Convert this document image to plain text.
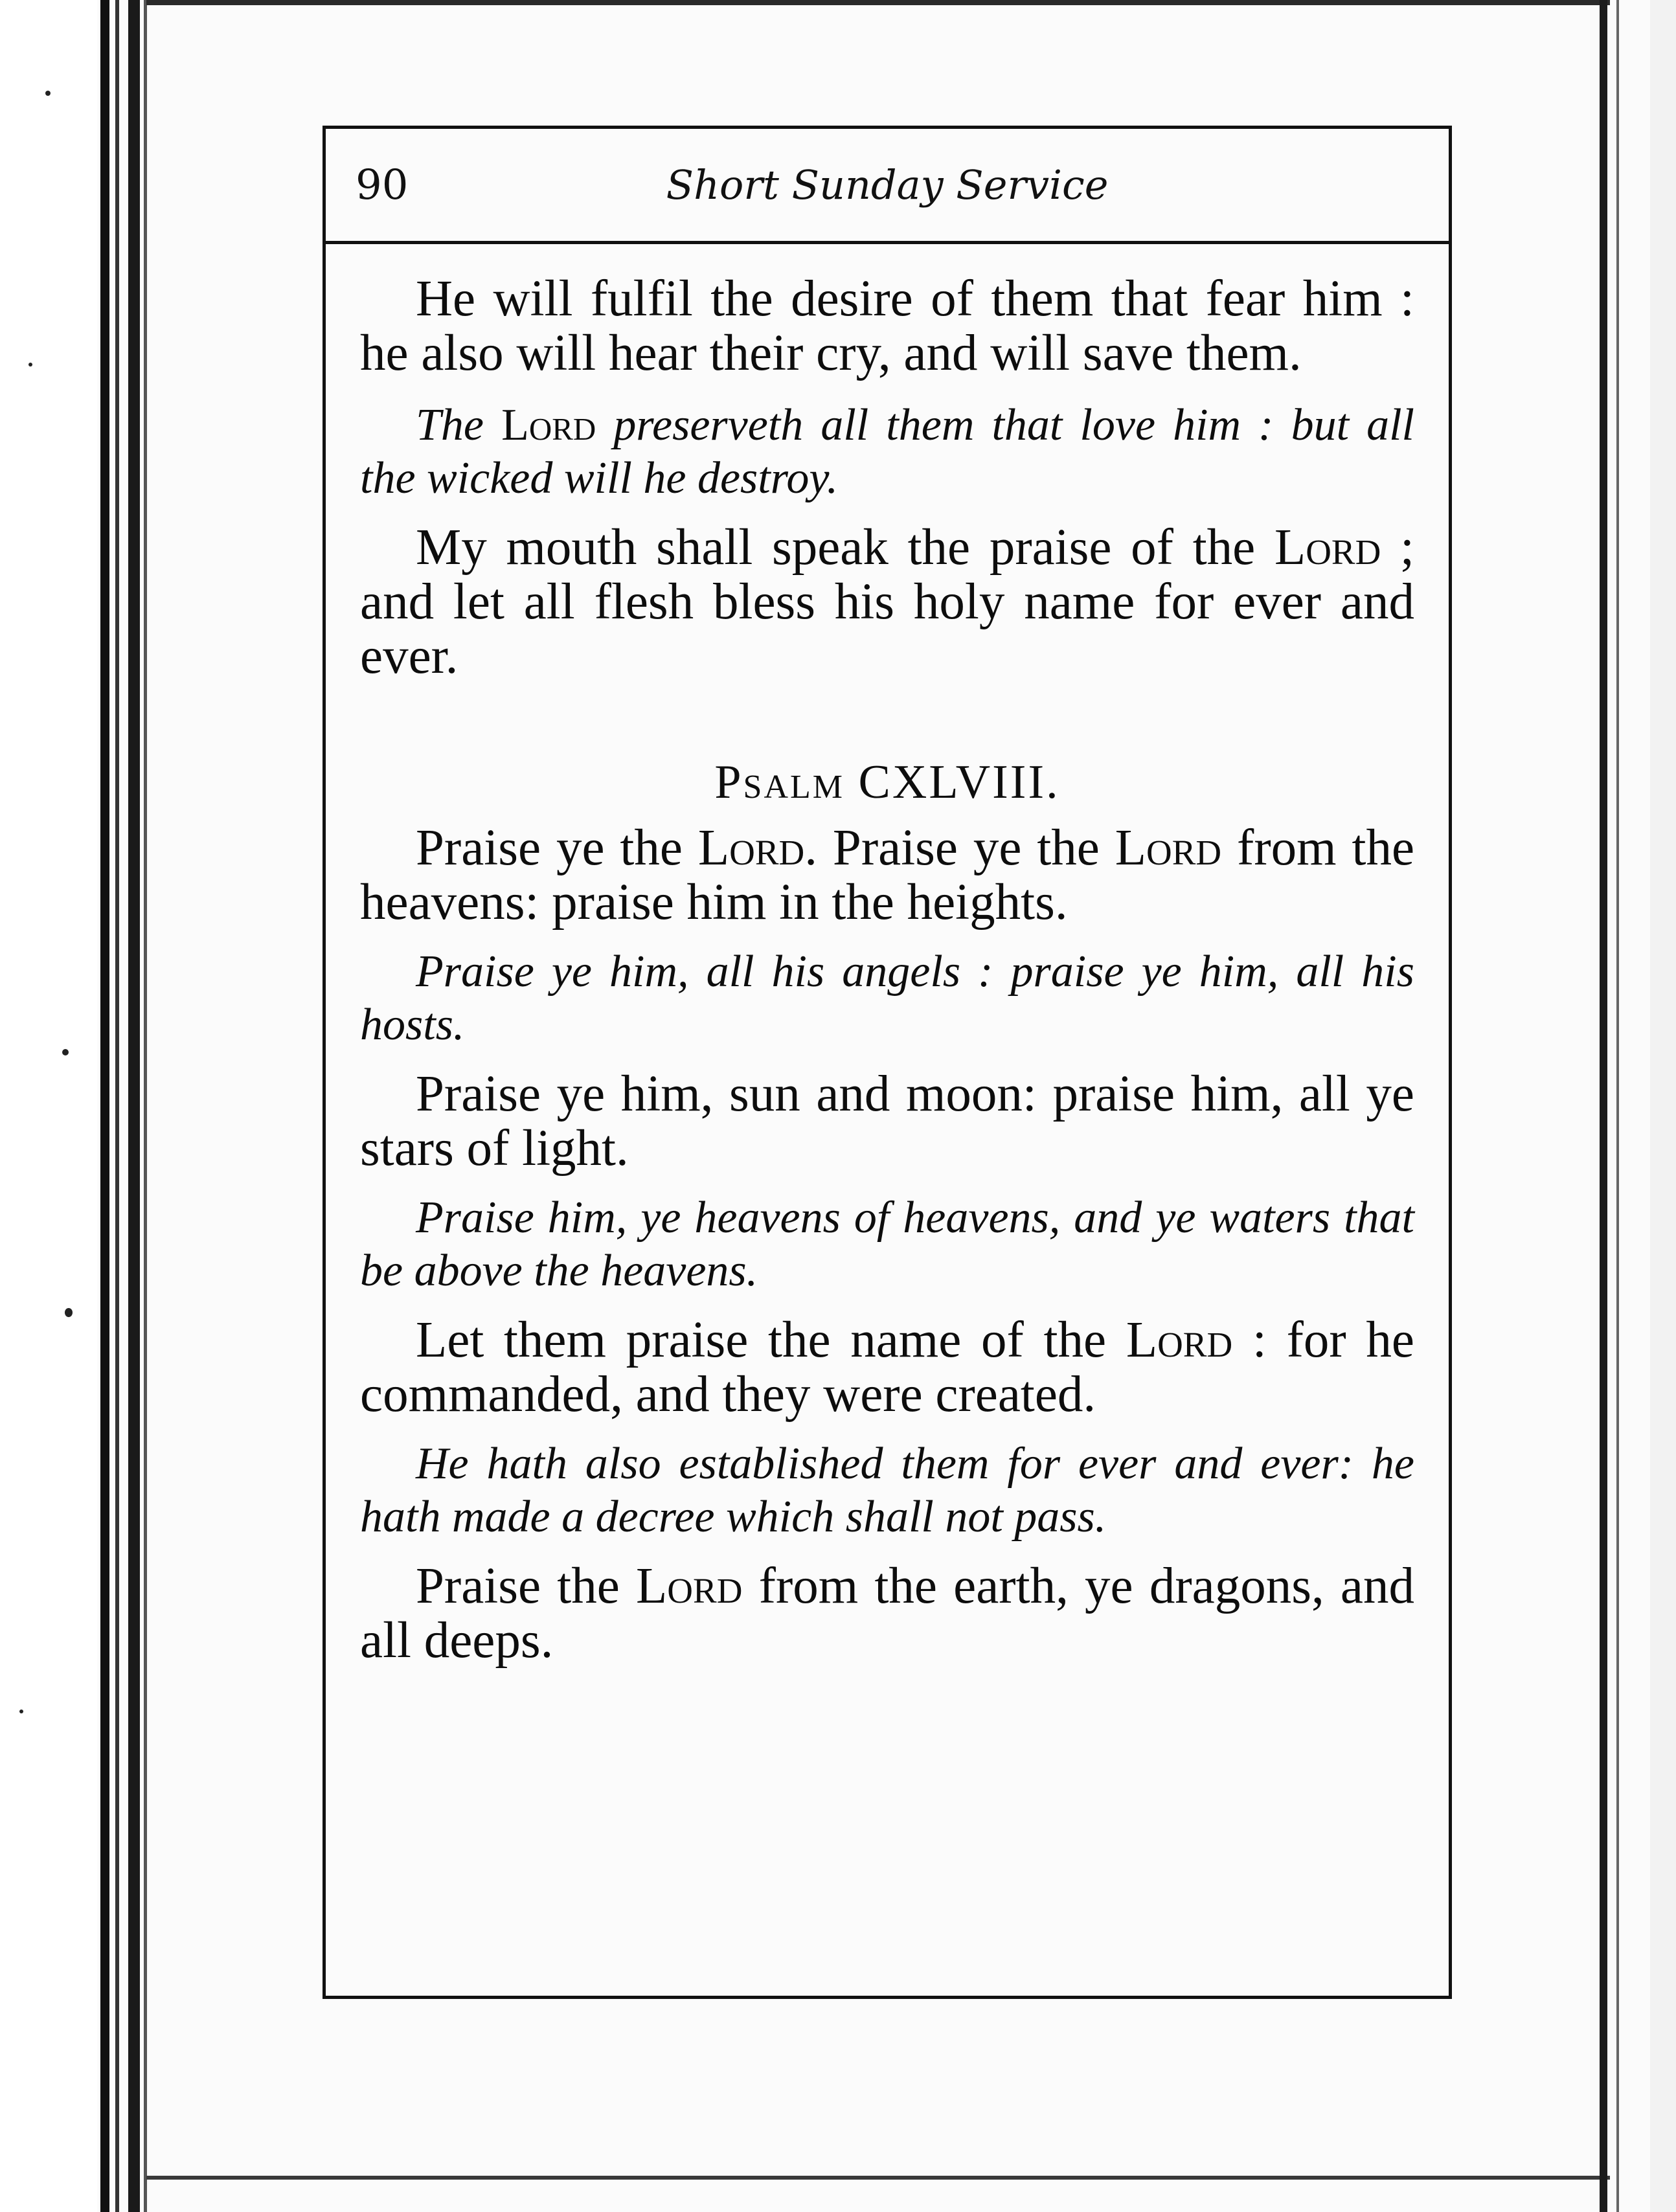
90	Short Sunday Service

He will fulfil the desire of them that fear him : he also will hear their cry, and will save them.

The Lord preserveth all them that love him : but all the wicked will he destroy.

My mouth shall speak the praise of the Lord ; and let all flesh bless his holy name for ever and ever.

Psalm CXLVIII.

Praise ye the Lord. Praise ye the Lord from the heavens: praise him in the heights.

Praise ye him, all his angels : praise ye him, all his hosts.

Praise ye him, sun and moon: praise him, all ye stars of light.

Praise him, ye heavens of heavens, and ye waters that be above the heavens.

Let them praise the name of the Lord : for he commanded, and they were created.

He hath also established them for ever and ever: he hath made a decree which shall not pass.

Praise the Lord from the earth, ye dragons, and all deeps.
